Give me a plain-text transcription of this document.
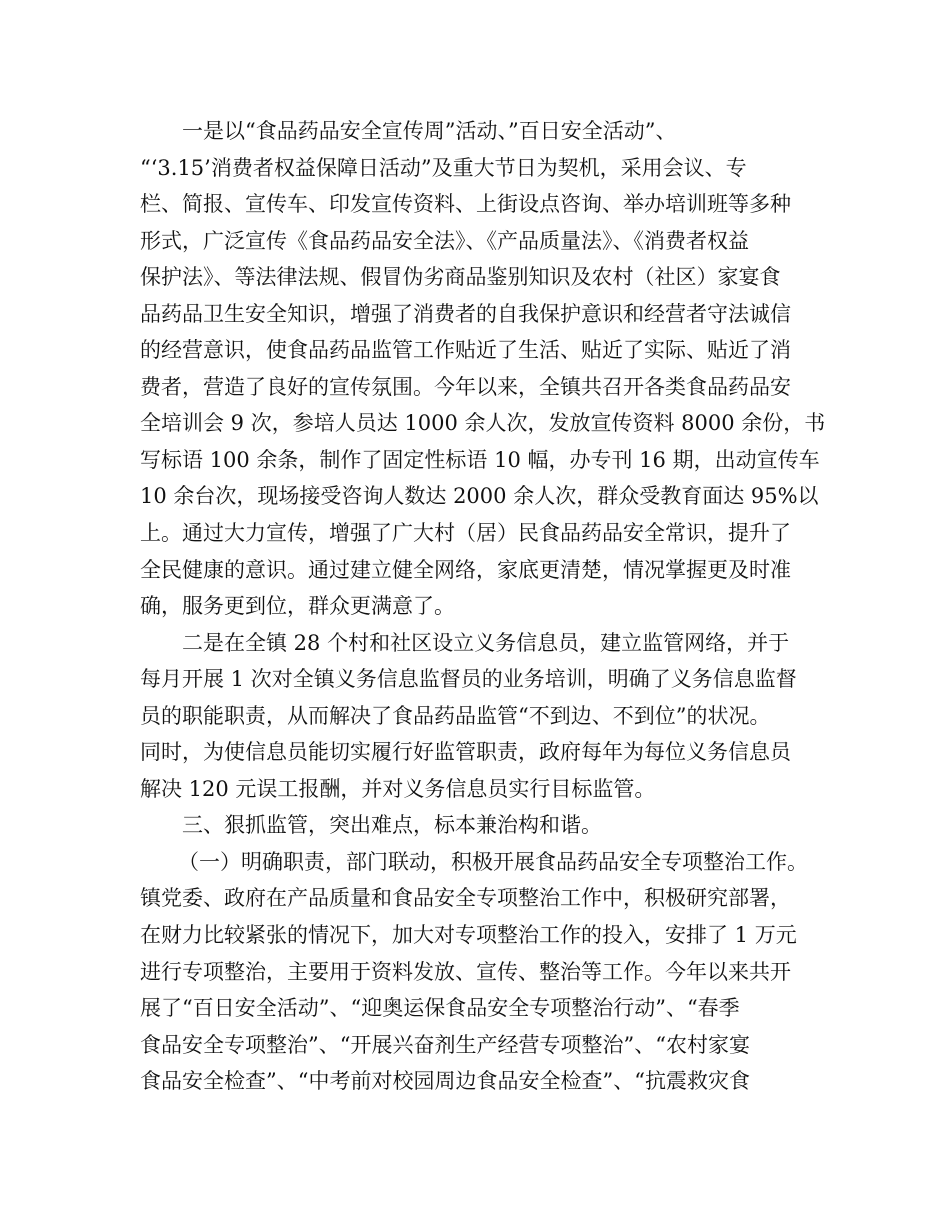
一是以“食品药品安全宣传周”活动、”百日安全活动”、
“‘3.15’消费者权益保障日活动”及重大节日为契机，采用会议、专
栏、简报、宣传车、印发宣传资料、上街设点咨询、举办培训班等多种
形式，广泛宣传《食品药品安全法》、《产品质量法》、《消费者权益
保护法》、等法律法规、假冒伪劣商品鉴别知识及农村（社区）家宴食
品药品卫生安全知识，增强了消费者的自我保护意识和经营者守法诚信
的经营意识，使食品药品监管工作贴近了生活、贴近了实际、贴近了消
费者，营造了良好的宣传氛围。今年以来，全镇共召开各类食品药品安
全培训会 9 次，参培人员达 1000 余人次，发放宣传资料 8000 余份，书
写标语 100 余条，制作了固定性标语 10 幅，办专刊 16 期，出动宣传车
10 余台次，现场接受咨询人数达 2000 余人次，群众受教育面达 95%以
上。通过大力宣传，增强了广大村（居）民食品药品安全常识，提升了
全民健康的意识。通过建立健全网络，家底更清楚，情况掌握更及时准
确，服务更到位，群众更满意了。
二是在全镇 28 个村和社区设立义务信息员，建立监管网络，并于
每月开展 1 次对全镇义务信息监督员的业务培训，明确了义务信息监督
员的职能职责，从而解决了食品药品监管“不到边、不到位”的状况。
同时，为使信息员能切实履行好监管职责，政府每年为每位义务信息员
解决 120 元误工报酬，并对义务信息员实行目标监管。
三、狠抓监管，突出难点，标本兼治构和谐。
（一）明确职责，部门联动，积极开展食品药品安全专项整治工作。
镇党委、政府在产品质量和食品安全专项整治工作中，积极研究部署，
在财力比较紧张的情况下，加大对专项整治工作的投入，安排了 1 万元
进行专项整治，主要用于资料发放、宣传、整治等工作。今年以来共开
展了“百日安全活动”、“迎奥运保食品安全专项整治行动”、“春季
食品安全专项整治”、“开展兴奋剂生产经营专项整治”、“农村家宴
食品安全检查”、“中考前对校园周边食品安全检查”、“抗震救灾食
